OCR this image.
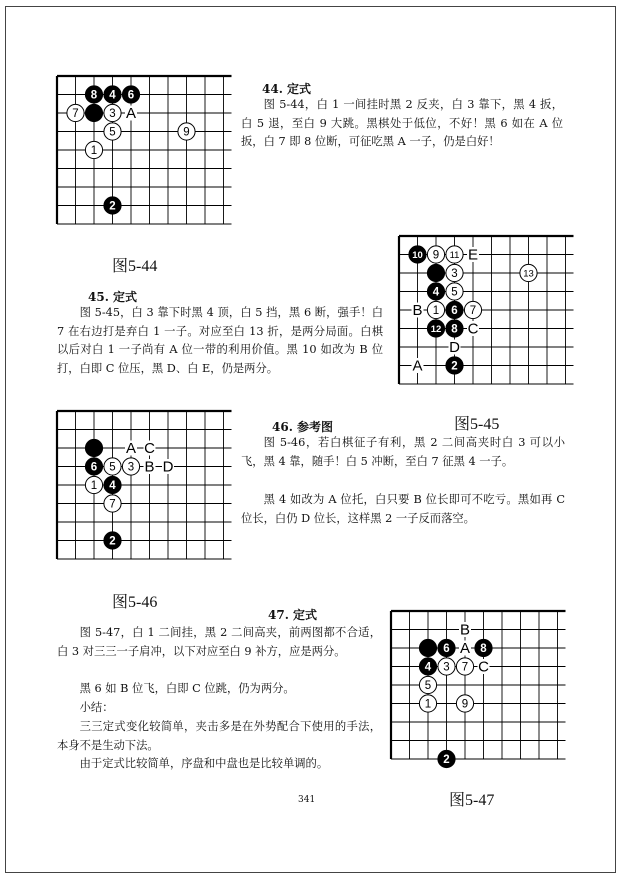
A
8 4 6
7	3
5	9
1
2
图5-44
44. 定式

图 5-44，白 1 一间挂时黑 2 反夹，白 3 靠下，黑 4 扳，白 5 退，至白 9 大跳。黑棋处于低位，不好！黑 6 如在 A 位扳，白 7 即 8 位断，可征吃黑 A 一子，仍是白好！

45. 定式

图 5-45，白 3 靠下时黑 4 顶，白 5 挡，黑 6 断，强手！白 7 在右边打是弃白 1 一子。对应至白 13 折，是两分局面。白棋以后对白 1 一子尚有 A 位一带的利用价值。黑 10 如改为 B 位打，白即 C 位压，黑 D、白 E，仍是两分。

E
B
C
D
A
10 9 11
3	13
4 5
1 6 7
12 8
2
图5-45
A C
B D
6 5 3
1 4
7
2
图5-46
46. 参考图

图 5-46，若白棋征子有利，黑 2 二间高夹时白 3 可以小飞，黑 4 靠，随手！白 5 冲断，至白 7 征黑 4 一子。

黑 4 如改为 A 位托，白只要 B 位长即可不吃亏。黑如再 C 位长，白仍 D 位长，这样黑 2 一子反而落空。

47. 定式

图 5-47，白 1 二间挂，黑 2 二间高夹，前两图都不合适，白 3 对三三一子肩冲，以下对应至白 9 补方，应是两分。

黑 6 如 B 位飞，白即 C 位跳，仍为两分。

小结：

三三定式变化较简单，夹击多是在外势配合下使用的手法，本身不是生动下法。

由于定式比较简单，序盘和中盘也是比较单调的。

B
A
C
6	8
4 3 7
5
1	9
2
图5-47
341
